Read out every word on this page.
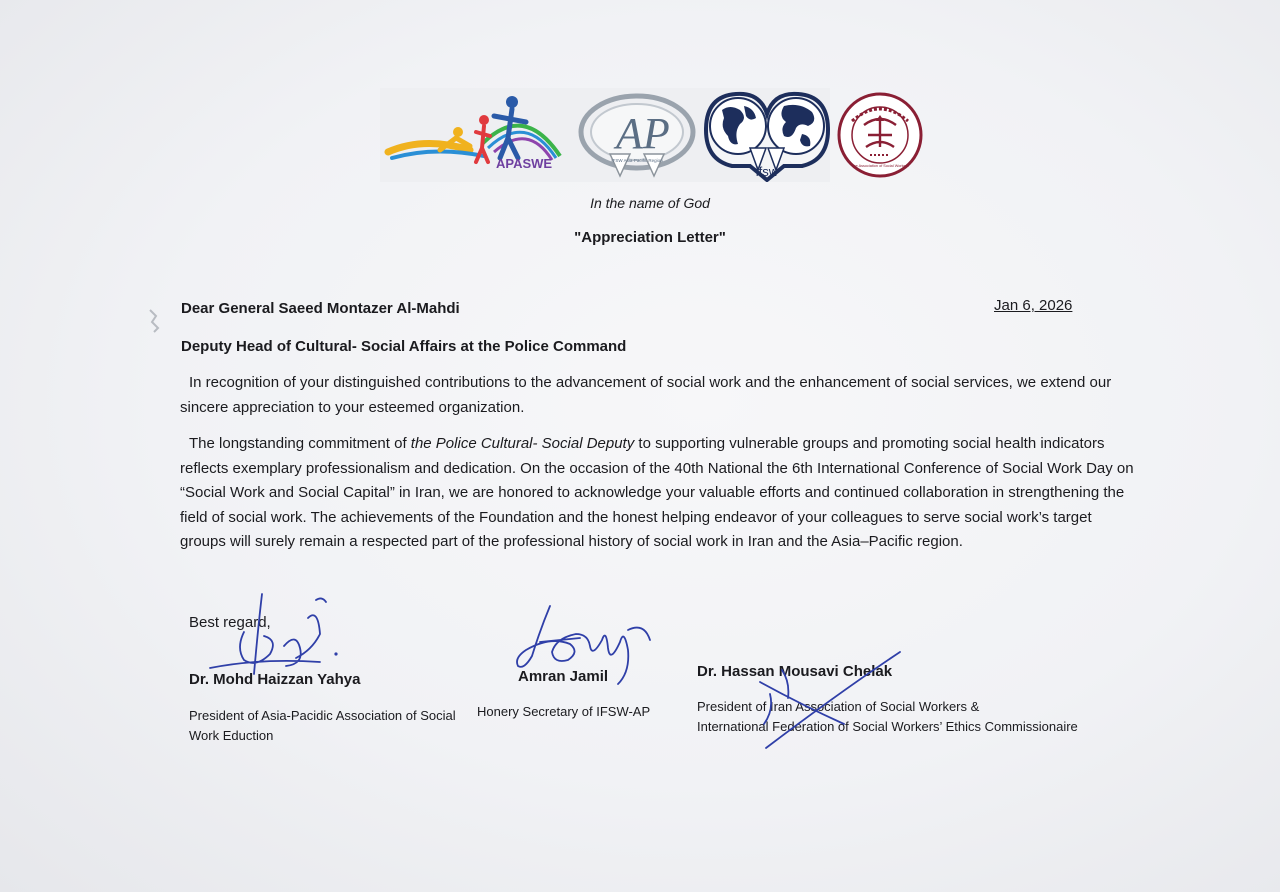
APASWE
AP
IFSW Asia-Pacific Region
ifsw	The Association of Social Workers
In the name of God
"Appreciation Letter"
Dear General Saeed Montazer Al-Mahdi
Deputy Head of Cultural- Social Affairs at the Police Command
Jan 6, 2026

In recognition of your distinguished contributions to the advancement of social work and the enhancement of social services, we extend our sincere appreciation to your esteemed organization.

The longstanding commitment of the Police Cultural- Social Deputy to supporting vulnerable groups and promoting social health indicators reflects exemplary professionalism and dedication. On the occasion of the 40th National the 6th International Conference of Social Work Day on “Social Work and Social Capital” in Iran, we are honored to acknowledge your valuable efforts and continued collaboration in strengthening the field of social work. The achievements of the Foundation and the honest helping endeavor of your colleagues to serve social work’s target groups will surely remain a respected part of the professional history of social work in Iran and the Asia–Pacific region.

Best regard,
Dr. Mohd Haizzan Yahya
President of Asia-Pacidic Association of Social Work Eduction
Amran Jamil
Honery Secretary of IFSW-AP
Dr. Hassan Mousavi Chelak
President of Iran Association of Social Workers &
International Federation of Social Workers’ Ethics Commissionaire
